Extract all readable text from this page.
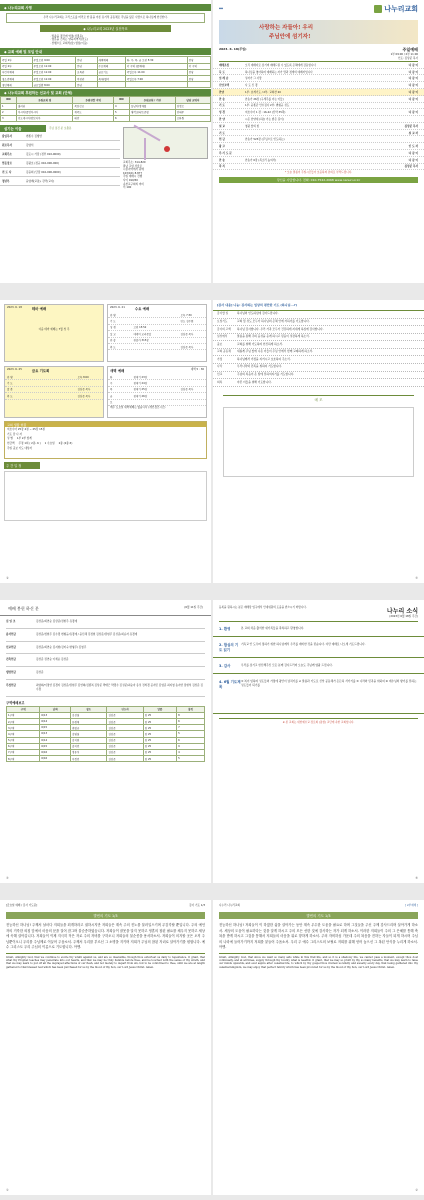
◆ 나누리교회 사명
우리 나누리교회는 그리스도를 머리로 한 몸을 이룬 유기적 공동체로 주님을 닮은 사람으로 하나님께 헌신한다.
◆ 나누리교회 2023년 실천목표
· 말씀을 경건에 역점(성경묵)
· 영혼을 건지는 양육지역적(전도)
· 선행으로 교회적(삼) 합심(이웃)
◆ 교회 예배 및 모임 안내
주일 1부	주일오전 9:00	본당	새벽예배	화, 수, 목, 금 오전 5:30	본당
주일 2부	주일오전 11:00	본당	수요예배	각 구역 (중예배)	각 구역
어린이예배	주일오전 11:00	교육관	금요기도	주일오후 11:00	본당
청소년예배	주일오전 11:00	비전관	특새/철야	주일오후 7:00	본당
청년예배	금요일밤 8:00	본당			
◆ 나누리교회 후원하는 선교사 및 교회 (단체)
NO	후원교회 명	후원관할 지역	NO	후원교회 / 기관	담당 교역자
1	필리핀	북한산교	4	동남아/정재철	장정오
2	아시아/중앙아시아	제주도	5	영락교회/조준형	민대주
3	인도네시아/캄보디아	대만	6		조화원
섬기는 이들	주님 섬긴 분 보충분
담임목사	변종수 집행연
원로목사	김영석
교회주소	김포시 가장 (정부 010-0000)
협동장로	김광호 (정규 010-000-000)
전 도 사	김윤희 (단장 010-000-0000)
청년부	윤영배(교통), 관리(교사)
교회주소: 314-820
충남 고암 서울로
시골지역에서 판매
103/101 8.877
주일 예배시 진행
사이 010/50
송천교구회의 미비
이 100
◆◆	나누리교회
사랑하는 자들아! 우리
주님안에 섬기자!
2023. 6. 18(주일)	주일예배
1부 09:00 / 2부 11:00
인도: 김상준 목사
예배초청	오직 예배자로 섬기며 예배드릴 수 있도록 은혜에게 감동합니다	다 같 이
묵 도	하나님을 영아하며 예배하는 자가 맘과 정개의 예배자입니다	다 같 이
입 례 송	성자가 그 사랑	다 같 이
신앙고백	사 도 신 경	다 같 이
찬양	1부: 효계기도 / 2부: 교회찬 20	다 같 이
찬 송	찬송가 26장 (구세주를 아는 이들)	다 같 이
기 도	1부: 윤종균 안수집사 2부: 변형규 성도
성 경	여호수아 1 장 : 16-22 (신약 35쪽)	다 같 이
찬 양	시온 찬양대 (하늘 가는 밝은 길이)
설 교	영광 앞의 힘	김상준 목사
기 도	설 교 자
헌 금	찬송가 523장 (주님으로 인도하는)
광 고	인 도 자
주 기 도 문	다 같 이
찬 송	찬송가 6장 (목소리 높여서)	다 같 이
축 복	김상준 목사
* 오늘 말씀이 주일시간들이 호응하며 본의로 부탁드립니다.
당신을 사랑합니다. 전화: 010-7542-2068 www.nanuri.or.kr
2023. 6. 18	테마 예배
다음 테마 예배는 7월 첫 주
2023. 6. 21	수요 예배
찬 양	오후 7:30
기 도	인도 김수원
성 경	고전 15:52
설 교	에네미 교리문답	김상준 목사
찬 송	찬송가 315장
축 도	김상준 목사
2023. 6. 25	금요 기도회
찬 양	오후 8:00
기 도
말 씀	김상준 목사
축 도	김상준 목사
새벽 예배	새벽 5 : 30
화	창세기 23장
수	창세기 24장
목	창세기 25장	김상준 목사
금	창세기 26장
토
매주 토요일 새벽예배는 없습니다 (개인경건시간)
교회 생활 현황
여호수아 25장 4절 ~ 25장 15절
기도 담 나 자
성 별 1부 2부 합계
헌금액 주정 1회 ( 2층- 6 ) 1 수요일 2층 (2층-5)
주일 중보 기도 대상자
주 간 일 정
②
[감사 내용] 나눔: 감사하는 일상의 평안한 기도 (하나님...?)
감사할 일	하나님의 인도하심에 감사드립니다.
요청기도	교회 및 성도 모두가 하나님의 은혜 안에 거하기를 기도합니다.
감사의 고백	하나님 감사합니다. 우리 가족 모두가 건강하게 지내게 하심에 감사합니다.
일상에서	말씀을 통해 주의 음성을 듣게 하시고 믿음이 성장하게 하소서.
중보	교회를 위해 기도하며 헌신하게 하소서.
교회 공동체	새롭게 주님 앞에 나온 이들이 주님 안에서 함께 교제하게 하소서.
가정	하나님께서 가정을 지키시고 보호하여 주소서.
나라	우리나라와 민족을 위하여 기도합니다.
선교	주님의 복음이 온 땅에 전하여지기를 기도합니다.
회복	아픈 이들을 위해 기도합니다.
메 모
③
예배 봉헌 하신 분	(6월 11일 주간)
십 일 조	김상준/최연순 김상준/권현주 유경재
감사헌금	김상준/정현주 김수경 변형규/유경재 / 윤신혜 강정현 김상준/권현주 김성준/최순자 유경재
선교헌금	김상준/최연순 김지현/김미숙 변형주/ 김영주
건축헌금	김상준 권연순 이세순 김상준
생명헌금	김상준
주정헌금	최영희/이정연 김경자 김상준/권현주 김연희/김종복 김상준 박태근 박경수 김성준/최순자 유성 전의경 공지민 김영준 최지영 송지연 장현석 김상준 김수경
구역예배보고
구역	날짜	장소	인도자	말씀	참석
1구역	6/13	김선희	김상준	창 25	8
2구역	6/14	유경재	김상준	창 25	6
3구역	6/15	변형규	김상준	창 25	7
4구역	6/13	김영희	김상준	창 25	5
5구역	6/14	김지현	김상준	창 25	6
6구역	6/15	송지연	김상준	창 25	9
7구역	6/16	정유석	김상준	창 25	4
8구역	6/16	이정연	김상준	창 25	5
④
등록을 원하시는 분은 예배당 입구에서 안내위원의 도움을 받으시기 바랍니다.
나누리 소식
(2023년 6월 18일 주간)
1. 환영	본 교회 처음 출석한 새가족들을 축복하고 환영합니다.
2. 합심의 기도 읽기
기독교 안 도우며 정하기 위한 하나님께서 우리를 예비한 것을 믿습니다. 다만 예배로 나오세 기도드립니다.
3. 감사	우리를 섬기고 헌신해주신 모든 분께 감사드리며 오늘도 주님께 영광 드립니다.
4. 6월 기도제목
① 복이 임하며 성도들의 가정에 평안이 넘치기를 ② 말씀과 기도로 신앙 공동체가 든든히 서가기를 ③ 나라와 민족을 위하여 ④ 예수님의 향기를 전하는 성도들이 되기를
※ 본 교회는 대한예수교 장로회 (통합) 교단에 속한 교회입니다.
⑤
[금요일 예배 / 감사 기도문]	감사 기도 1/3
발빈의 기도 1/3
전능하신 하나님! 주께서 날마다 저희들을 회개하라고 권하시지만 저희들은 계속 주의 진노를 불러일으키며 무감각할 뿐입니다. 주의 예언자의 거룩한 외침 앞에서 마음의 문을 걸어 잠그며 불순종하였습니다. 저희들이 잘못을 알지 못하고 영혼의 참된 필요를 채우지 못하고 세상에 속해 살아갑니다. 저희들이 이제 지극히 작은 자로 주의 자비를 구하오니 저희들의 불순종을 용서하소서. 저희들이 의지할 곳은 오직 주님뿐이오니 우리를 주님께로 이끌어 주옵소서. 주께서 우리를 부르신 그 소명을 지키며 저희가 주님의 참된 자녀로 살아가기를 원합니다. 예수 그리스도 우리 주님의 이름으로 기도합니다. 아멘.
Grant, Almighty God, that we continue to excite thy wrath against us, and are so insensible, though thou exhortest us daily to repentance. O grant, that what thy Prophet teaches may penetrate into our hearts, and that we may be truly humble before thee, and be touched with the sense of thy wrath, and that we may learn to put off all the deprayed affections of our flesh, and not merely to depart from sin, but to be conformed to thee, until we are at length gathered to that blessed rest which has been purchased for us by the blood of thy Son, our Lord Jesus Christ. Amen.
①
나누리 나누리교회	[ 2부예배 ]
발빈의 기도 1/3
전능하신 하나님! 저희들이 이 하찮한 삶을 살아가는 동안 계속 무수한 도움을 필요로 하며 그것들을 주신 주께 감사드리며 살아가게 하소서. 세상의 도움이 필요하다는 것을 알게 하시고 주의 모든 선한 것에 감사하는 자가 되게 하소서. 이러한 저희들이 주의 그 은혜를 통해 축복을 받게 하시고 그것을 통해서 저희들의 마음을 위로 향하게 하소서. 주의 자비하심 가운데 주의 복음을 전하는 자들이 되게 하시며 주님의 나라에 들어가기까지 저희를 붙들어 주옵소서. 우리 주 예수 그리스도의 보혈로 저희를 위해 얻어 놓으신 그 복된 안식을 누리게 하소서. 아멘.
Grant, Almighty God, that since we want so many aids while in this frail life, and so it is a shadowy life, we cannot pass a moment, except thou dost continually, and at all times, supply through thy bounty what is needful. O grant, that we may so profit by thy so many benefits, that we may learn to raise our minds upwards, and ever aspire after celestial life, to which by thy gospel thou invitest us kindly and sweetly every day, that being gathered into thy celestial kingdom, we may enjoy that perfect felicity which has been procured for us by the blood of thy Son, our Lord Jesus Christ. Amen.
②
